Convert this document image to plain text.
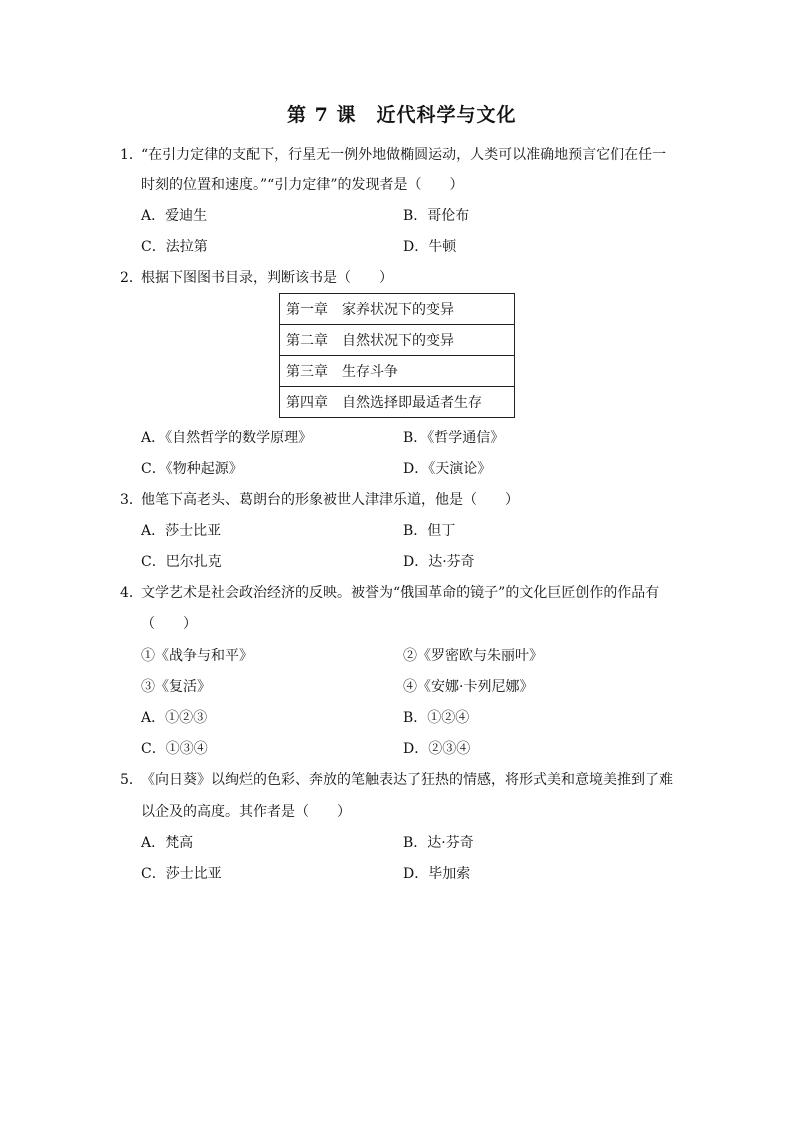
第 7 课　近代科学与文化
1．
“在引力定律的支配下，行星无一例外地做椭圆运动，人类可以准确地预言它们在任一
时刻的位置和速度。”“引力定律”的发现者是（　　）
A．爱迪生	B．哥伦布
C．法拉第	D．牛顿
2．
根据下图图书目录，判断该书是（　　）
第一章　家养状况下的变异
第二章　自然状况下的变异
第三章　生存斗争
第四章　自然选择即最适者生存
A．《自然哲学的数学原理》	B．《哲学通信》
C．《物种起源》	D．《天演论》
3．
他笔下高老头、葛朗台的形象被世人津津乐道，他是（　　）
A．莎士比亚	B．但丁
C．巴尔扎克	D．达·芬奇
4．
文学艺术是社会政治经济的反映。被誉为“俄国革命的镜子”的文化巨匠创作的作品有
（　　）
①《战争与和平》	②《罗密欧与朱丽叶》
③《复活》	④《安娜·卡列尼娜》
A．①②③	B．①②④
C．①③④	D．②③④
5．
《向日葵》以绚烂的色彩、奔放的笔触表达了狂热的情感，将形式美和意境美推到了难
以企及的高度。其作者是（　　）
A．梵高	B．达·芬奇
C．莎士比亚	D．毕加索
